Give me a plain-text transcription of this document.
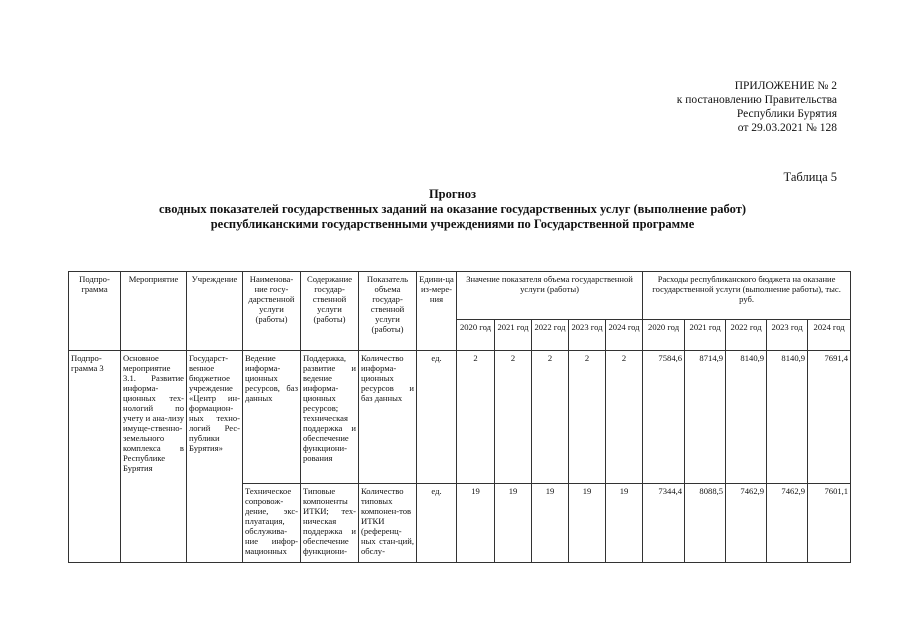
ПРИЛОЖЕНИЕ № 2
к постановлению Правительства
Республики Бурятия
от 29.03.2021 № 128
Таблица 5
Прогноз
сводных показателей государственных заданий на оказание государственных услуг (выполнение работ)
республиканскими государственными учреждениями по Государственной программе
Подпро-грамма	Мероприятие	Учреждение	Наименова-ние госу-дарственной услуги (работы)	Содержание государ-ственной услуги (работы)	Показатель объема государ-ственной услуги (работы)	Едини-ца из-мере-ния	Значение показателя объема государственной услуги (работы)					Расходы республиканского бюджета на оказание государственной услуги (выполнение работы), тыс. руб.				
							2020 год	2021 год	2022 год	2023 год	2024 год	2020 год	2021 год	2022 год	2023 год	2024 год
Подпро-грамма 3	Основное мероприятие 3.1. Развитие информа-ционных тех-нологий по учету и ана-лизу имуще-ственно-земельного комплекса в Республике Бурятия	Государст-венное бюджетное учреждение «Центр ин-формацион-ных техно-логий Рес-публики Бурятия»	Ведение информа-ционных ресурсов, баз данных	Поддержка, развитие и ведение информа-ционных ресурсов; техническая поддержка и обеспечение функциони-рования	Количество информа-ционных ресурсов и баз данных	ед.	2	2	2	2	2	7584,6	8714,9	8140,9	8140,9	7691,4
			Техническое сопровож-дение, экс-плуатация, обслужива-ние инфор-мационных	Типовые компоненты ИТКИ; тех-ническая поддержка и обеспечение функциони-	Количество типовых компонен-тов ИТКИ (референц-ных стан-ций, обслу-	ед.	19	19	19	19	19	7344,4	8088,5	7462,9	7462,9	7601,1
